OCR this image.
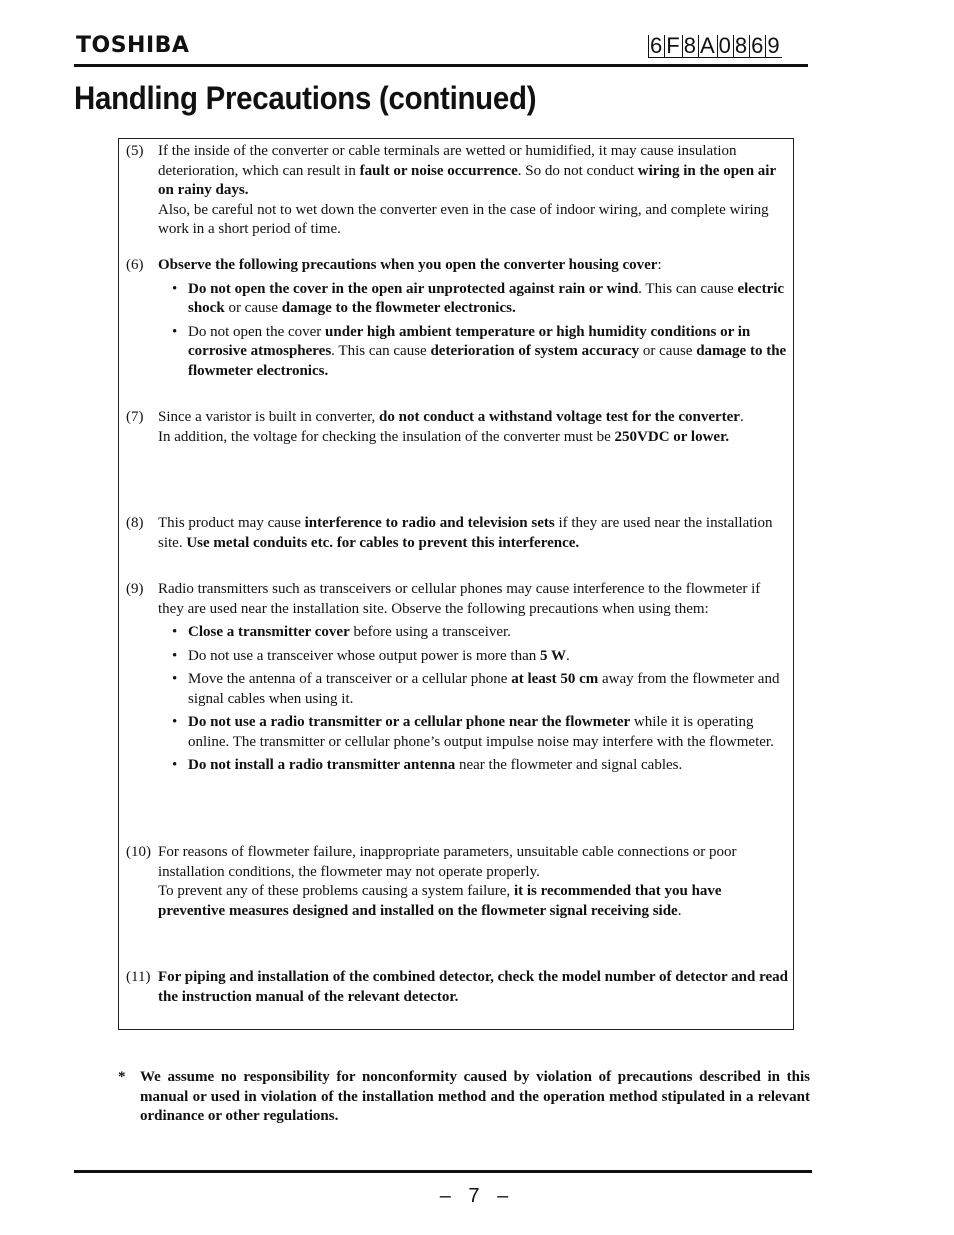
TOSHIBA	6 F 8 A 0 8 6 9
Handling Precautions (continued)
(5) If the inside of the converter or cable terminals are wetted or humidified, it may cause insulation deterioration, which can result in fault or noise occurrence. So do not conduct wiring in the open air on rainy days.

Also, be careful not to wet down the converter even in the case of indoor wiring, and complete wiring work in a short period of time.

(6) Observe the following precautions when you open the converter housing cover:

• Do not open the cover in the open air unprotected against rain or wind. This can cause electric shock or cause damage to the flowmeter electronics.
• Do not open the cover under high ambient temperature or high humidity conditions or in corrosive atmospheres. This can cause deterioration of system accuracy or cause damage to the flowmeter electronics.
(7) Since a varistor is built in converter, do not conduct a withstand voltage test for the converter.

In addition, the voltage for checking the insulation of the converter must be 250VDC or lower.

(8) This product may cause interference to radio and television sets if they are used near the installation site. Use metal conduits etc. for cables to prevent this interference.

(9) Radio transmitters such as transceivers or cellular phones may cause interference to the flowmeter if they are used near the installation site. Observe the following precautions when using them:

• Close a transmitter cover before using a transceiver.
• Do not use a transceiver whose output power is more than 5 W.
• Move the antenna of a transceiver or a cellular phone at least 50 cm away from the flowmeter and signal cables when using it.
• Do not use a radio transmitter or a cellular phone near the flowmeter while it is operating online. The transmitter or cellular phone’s output impulse noise may interfere with the flowmeter.
• Do not install a radio transmitter antenna near the flowmeter and signal cables.
(10) For reasons of flowmeter failure, inappropriate parameters, unsuitable cable connections or poor installation conditions, the flowmeter may not operate properly.

To prevent any of these problems causing a system failure, it is recommended that you have preventive measures designed and installed on the flowmeter signal receiving side.

(11) For piping and installation of the combined detector, check the model number of detector and read the instruction manual of the relevant detector.

* We assume no responsibility for nonconformity caused by violation of precautions described in this manual or used in violation of the installation method and the operation method stipulated in a relevant ordinance or other regulations.
– 7 –
